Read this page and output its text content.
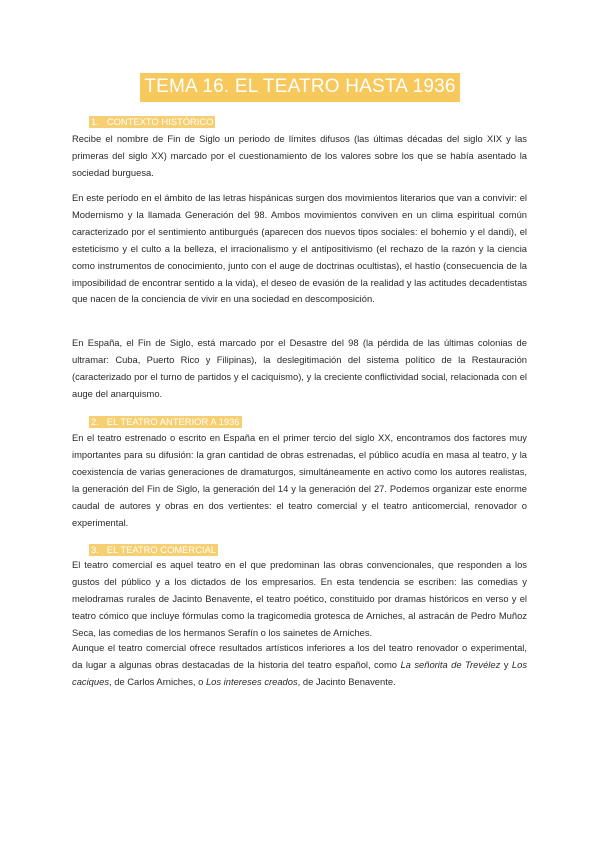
TEMA 16. EL TEATRO HASTA 1936
1. CONTEXTO HISTÓRICO

Recibe el nombre de Fin de Siglo un periodo de límites difusos (las últimas décadas del siglo XIX y las primeras del siglo XX) marcado por el cuestionamiento de los valores sobre los que se había asentado la sociedad burguesa.

En este período en el ámbito de las letras hispánicas surgen dos movimientos literarios que van a convivir: el Modernismo y la llamada Generación del 98. Ambos movimientos conviven en un clima espiritual común caracterizado por el sentimiento antiburgués (aparecen dos nuevos tipos sociales: el bohemio y el dandi), el esteticismo y el culto a la belleza, el irracionalismo y el antipositivismo (el rechazo de la razón y la ciencia como instrumentos de conocimiento, junto con el auge de doctrinas ocultistas), el hastío (consecuencia de la imposibilidad de encontrar sentido a la vida), el deseo de evasión de la realidad y las actitudes decadentistas que nacen de la conciencia de vivir en una sociedad en descomposición.

En España, el Fin de Siglo, está marcado por el Desastre del 98 (la pérdida de las últimas colonias de ultramar: Cuba, Puerto Rico y Filipinas), la deslegitimación del sistema político de la Restauración (caracterizado por el turno de partidos y el caciquismo), y la creciente conflictividad social, relacionada con el auge del anarquismo.

2. EL TEATRO ANTERIOR A 1936

En el teatro estrenado o escrito en España en el primer tercio del siglo XX, encontramos dos factores muy importantes para su difusión: la gran cantidad de obras estrenadas, el público acudía en masa al teatro, y la coexistencia de varias generaciones de dramaturgos, simultáneamente en activo como los autores realistas, la generación del Fin de Siglo, la generación del 14 y la generación del 27. Podemos organizar este enorme caudal de autores y obras en dos vertientes: el teatro comercial y el teatro anticomercial, renovador o experimental.

3. EL TEATRO COMERCIAL

El teatro comercial es aquel teatro en el que predominan las obras convencionales, que responden a los gustos del público y a los dictados de los empresarios. En esta tendencia se escriben: las comedias y melodramas rurales de Jacinto Benavente, el teatro poético, constituido por dramas históricos en verso y el teatro cómico que incluye fórmulas como la tragicomedia grotesca de Arniches, al astracán de Pedro Muñoz Seca, las comedias de los hermanos Serafín o los sainetes de Arniches.

Aunque el teatro comercial ofrece resultados artísticos inferiores a los del teatro renovador o experimental, da lugar a algunas obras destacadas de la historia del teatro español, como La señorita de Trevélez y Los caciques, de Carlos Arniches, o Los intereses creados, de Jacinto Benavente.
